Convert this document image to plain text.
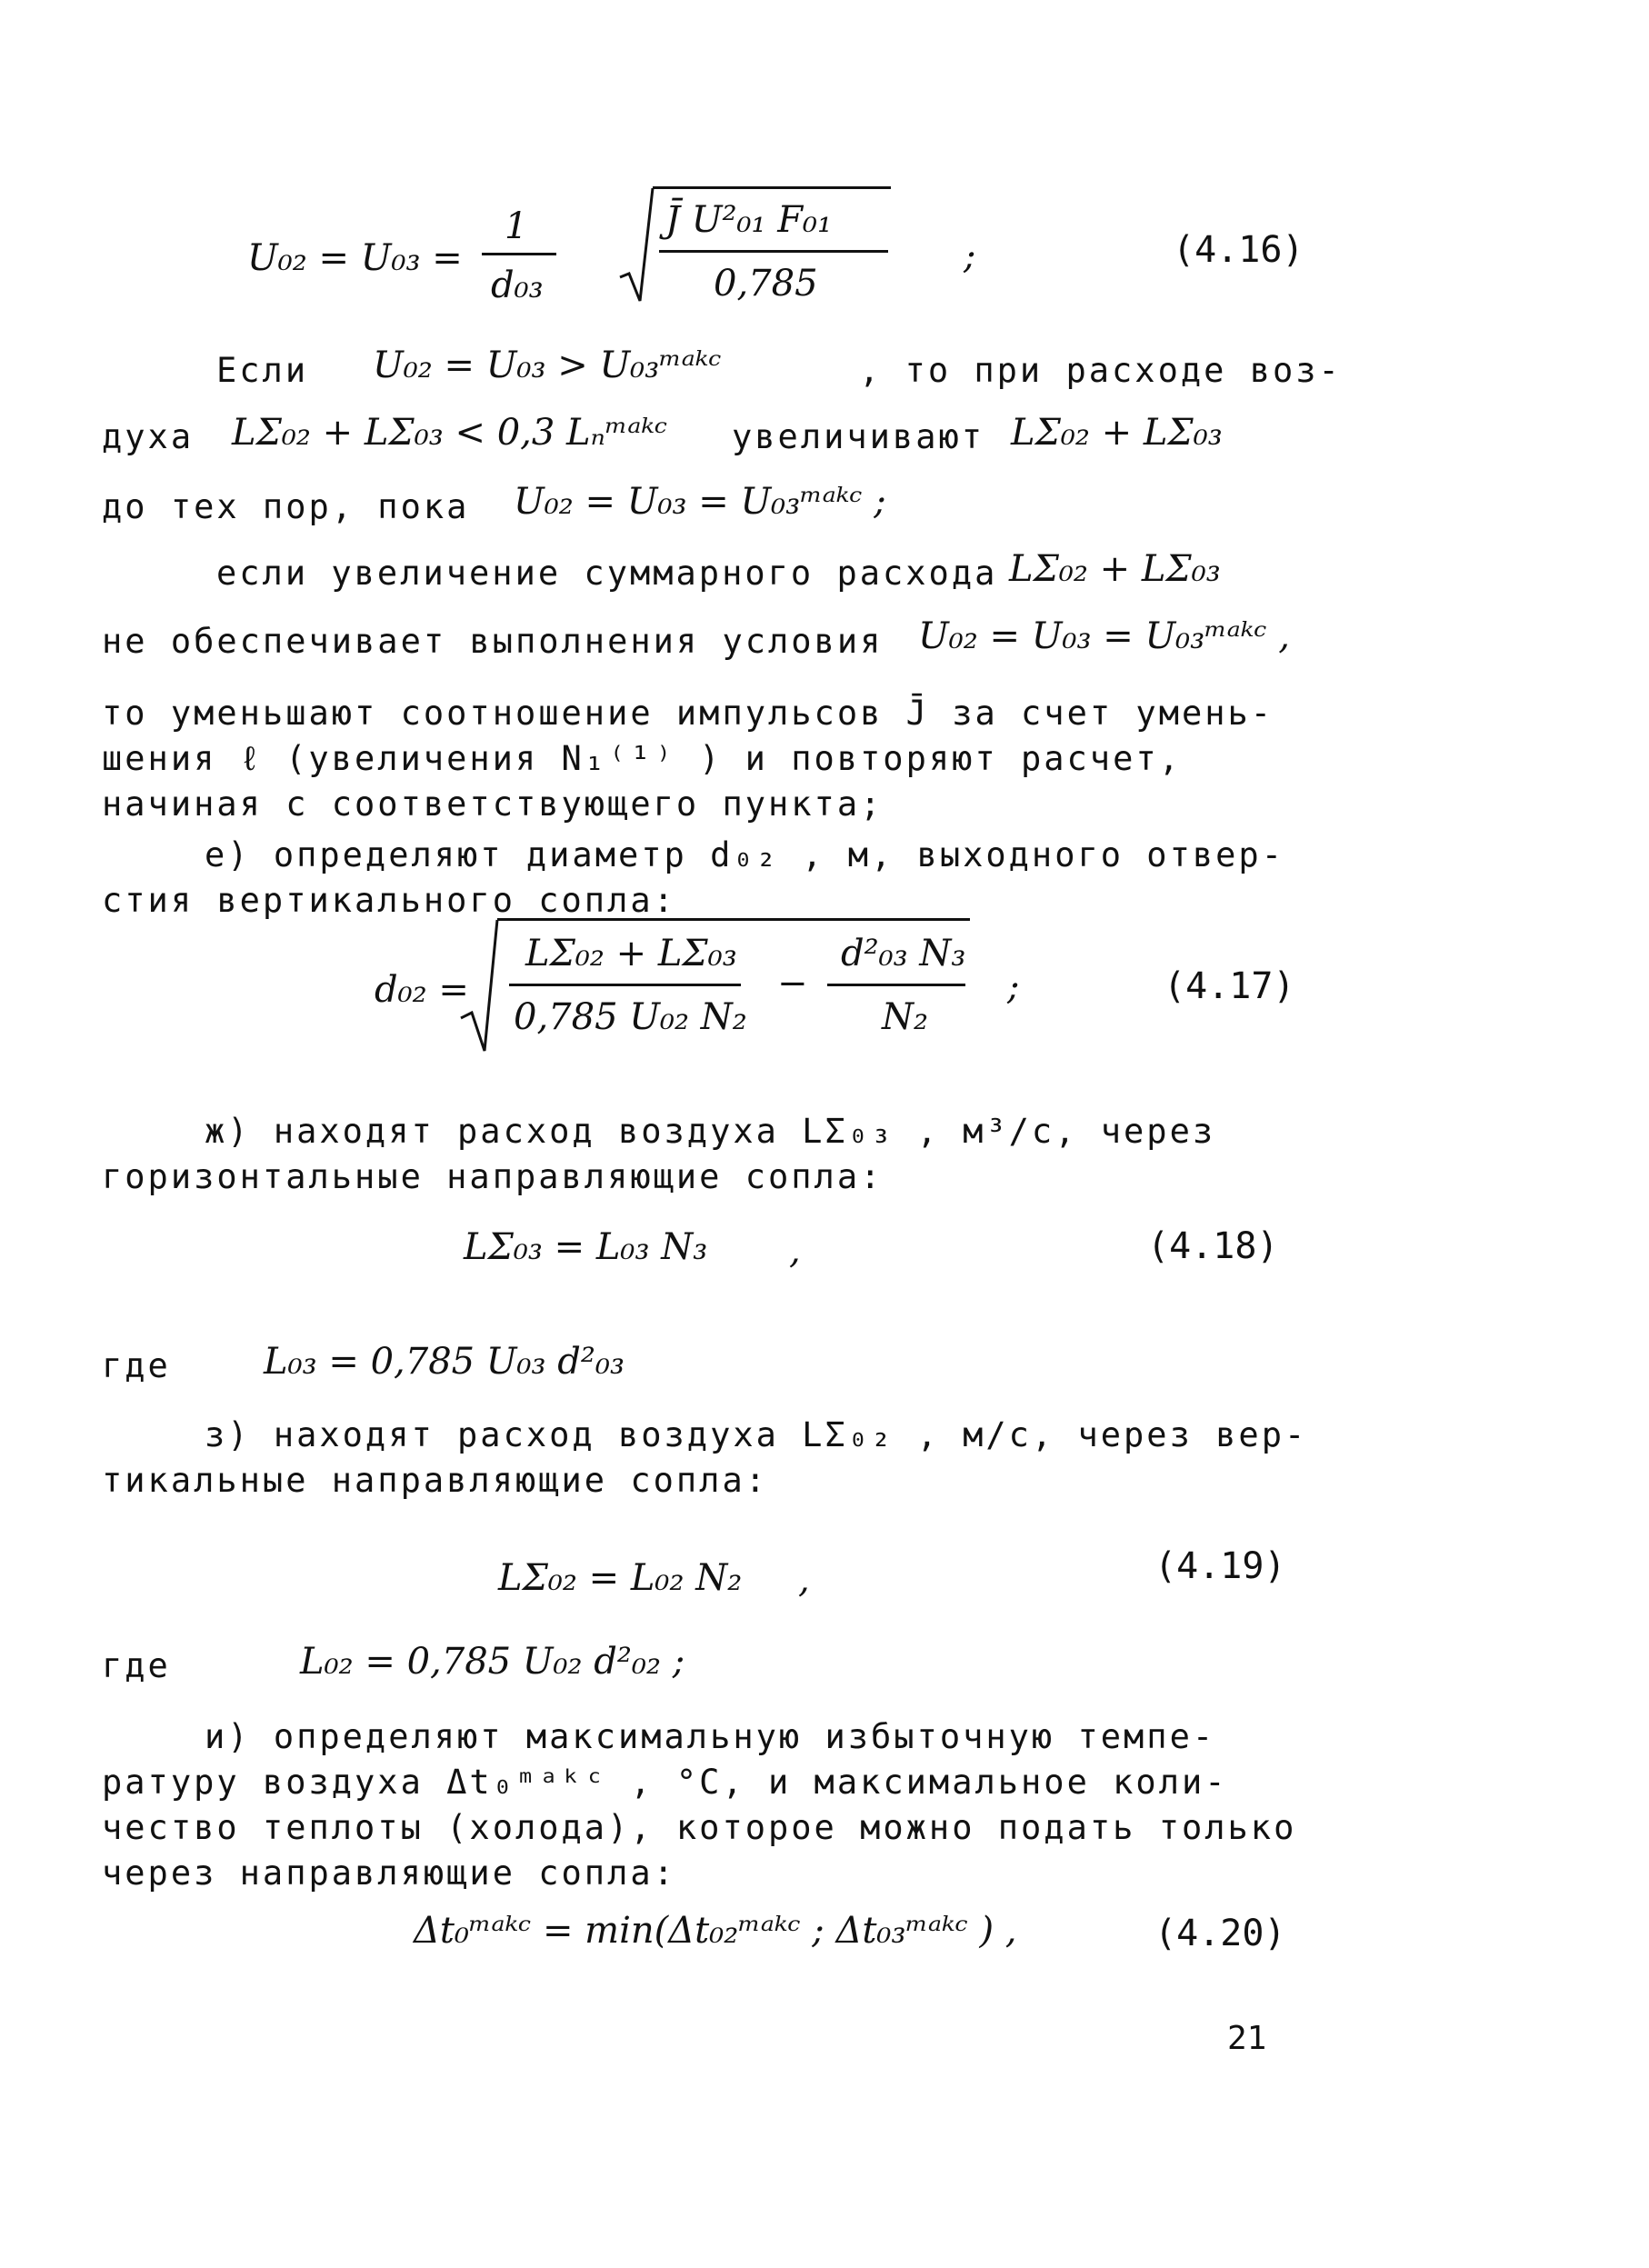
U₀₂ = U₀₃ =
1
d₀₃
J̄ U²₀₁ F₀₁
0,785
;	(4.16)
Если U₀₂ = U₀₃ > U₀₃ᵐᵃᵏᶜ	, то при расходе воз-
духа LΣ₀₂ + LΣ₀₃ < 0,3 Lₙᵐᵃᵏᶜ увеличивают LΣ₀₂ + LΣ₀₃
до тех пор, пока U₀₂ = U₀₃ = U₀₃ᵐᵃᵏᶜ ;
если увеличение суммарного расхода LΣ₀₂ + LΣ₀₃
не обеспечивает выполнения условия U₀₂ = U₀₃ = U₀₃ᵐᵃᵏᶜ ,
то уменьшают соотношение импульсов J̄ за счет умень-
шения ℓ (увеличения N₁⁽¹⁾ ) и повторяют расчет,
начиная с соответствующего пункта;
е) определяют диаметр d₀₂ , м, выходного отвер-
стия вертикального сопла:
d₀₂ =
LΣ₀₂ + LΣ₀₃
0,785 U₀₂ N₂
−
d²₀₃ N₃
N₂
;	(4.17)
ж) находят расход воздуха LΣ₀₃ , м³/с, через
горизонтальные направляющие сопла:
LΣ₀₃ = L₀₃ N₃ ,	(4.18)
где	L₀₃ = 0,785 U₀₃ d²₀₃
з) находят расход воздуха LΣ₀₂ , м/с, через вер-
тикальные направляющие сопла:
LΣ₀₂ = L₀₂ N₂ ,	(4.19)
где	L₀₂ = 0,785 U₀₂ d²₀₂ ;
и) определяют максимальную избыточную темпе-
ратуру воздуха Δt₀ᵐᵃᵏᶜ , °С, и максимальное коли-
чество теплоты (холода), которое можно подать только
через направляющие сопла:
Δt₀ᵐᵃᵏᶜ = min(Δt₀₂ᵐᵃᵏᶜ ; Δt₀₃ᵐᵃᵏᶜ ) ,	(4.20)
21
